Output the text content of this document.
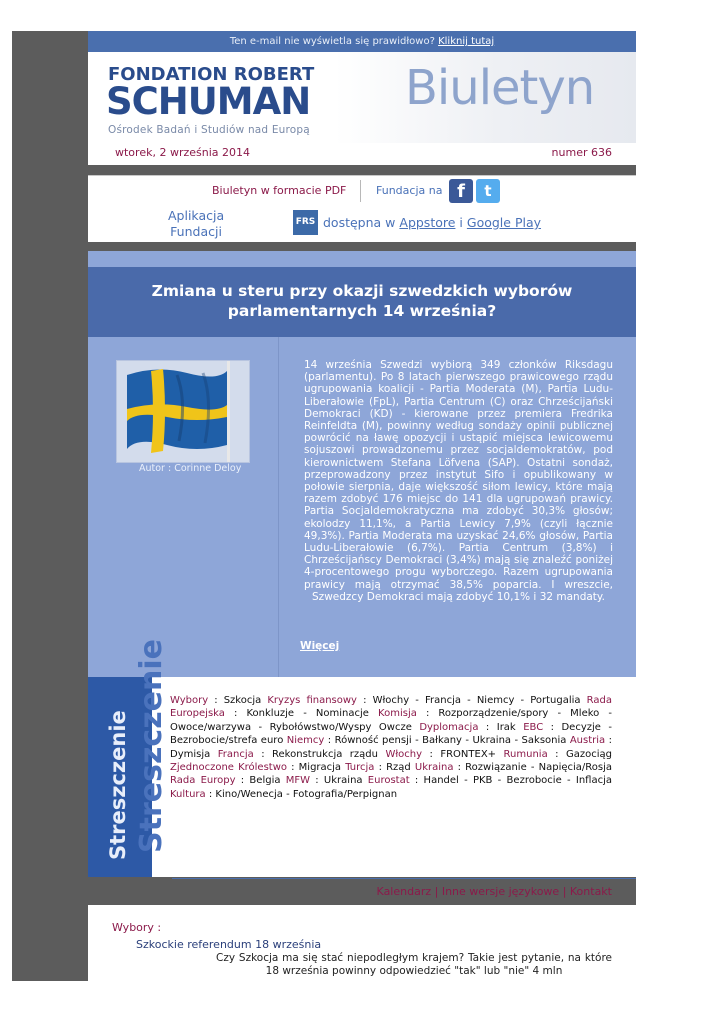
Ten e-mail nie wyświetla się prawidłowo? Kliknij tutaj
FONDATION ROBERT
SCHUMAN
Ośrodek Badań i Studiów nad Europą
Biuletyn
wtorek, 2 września 2014	numer 636
Biuletyn w formacie PDF	Fundacja na f	t
Aplikacja
Fundacji
FRS dostępna w Appstore i Google Play
Zmiana u steru przy okazji szwedzkich wyborów parlamentarnych 14 września?
Autor : Corinne Deloy
14 września Szwedzi wybiorą 349 członków Riksdagu (parlamentu). Po 8 latach pierwszego prawicowego rządu ugrupowania koalicji - Partia Moderata (M), Partia Ludu-Liberałowie (FpL), Partia Centrum (C) oraz Chrześcijański Demokraci (KD) - kierowane przez premiera Fredrika Reinfeldta (M), powinny według sondaży opinii publicznej powrócić na ławę opozycji i ustąpić miejsca lewicowemu sojuszowi prowadzonemu przez socjaldemokratów, pod kierownictwem Stefana Löfvena (SAP). Ostatni sondaż, przeprowadzony przez instytut Sifo i opublikowany w połowie sierpnia, daje większość siłom lewicy, które mają razem zdobyć 176 miejsc do 141 dla ugrupowań prawicy. Partia Socjaldemokratyczna ma zdobyć 30,3% głosów; ekolodzy 11,1%, a Partia Lewicy 7,9% (czyli łącznie 49,3%). Partia Moderata ma uzyskać 24,6% głosów, Partia Ludu-Liberałowie (6,7%). Partia Centrum (3,8%) i Chrześcijańscy Demokraci (3,4%) mają się znaleźć poniżej 4-procentowego progu wyborczego. Razem ugrupowania prawicy mają otrzymać 38,5% poparcia. I wreszcie, Szwedzcy Demokraci mają zdobyć 10,1% i 32 mandaty.
Więcej
Streszczenie
Streszczenie
Wybory : Szkocja Kryzys finansowy : Włochy - Francja - Niemcy - Portugalia Rada Europejska : Konkluzje - Nominacje Komisja : Rozporządzenie/spory - Mleko - Owoce/warzywa - Rybołówstwo/Wyspy Owcze Dyplomacja : Irak EBC : Decyzje - Bezrobocie/strefa euro Niemcy : Równość pensji - Bałkany - Ukraina - Saksonia Austria : Dymisja Francja : Rekonstrukcja rządu Włochy : FRONTEX+ Rumunia : Gazociąg Zjednoczone Królestwo : Migracja Turcja : Rząd Ukraina : Rozwiązanie - Napięcia/Rosja Rada Europy : Belgia MFW : Ukraina Eurostat : Handel - PKB - Bezrobocie - Inflacja Kultura : Kino/Wenecja - Fotografia/Perpignan
Kalendarz | Inne wersje językowe | Kontakt
Wybory :
Szkockie referendum 18 września
Czy Szkocja ma się stać niepodległym krajem? Takie jest pytanie, na które 18 września powinny odpowiedzieć "tak" lub "nie" 4 mln
